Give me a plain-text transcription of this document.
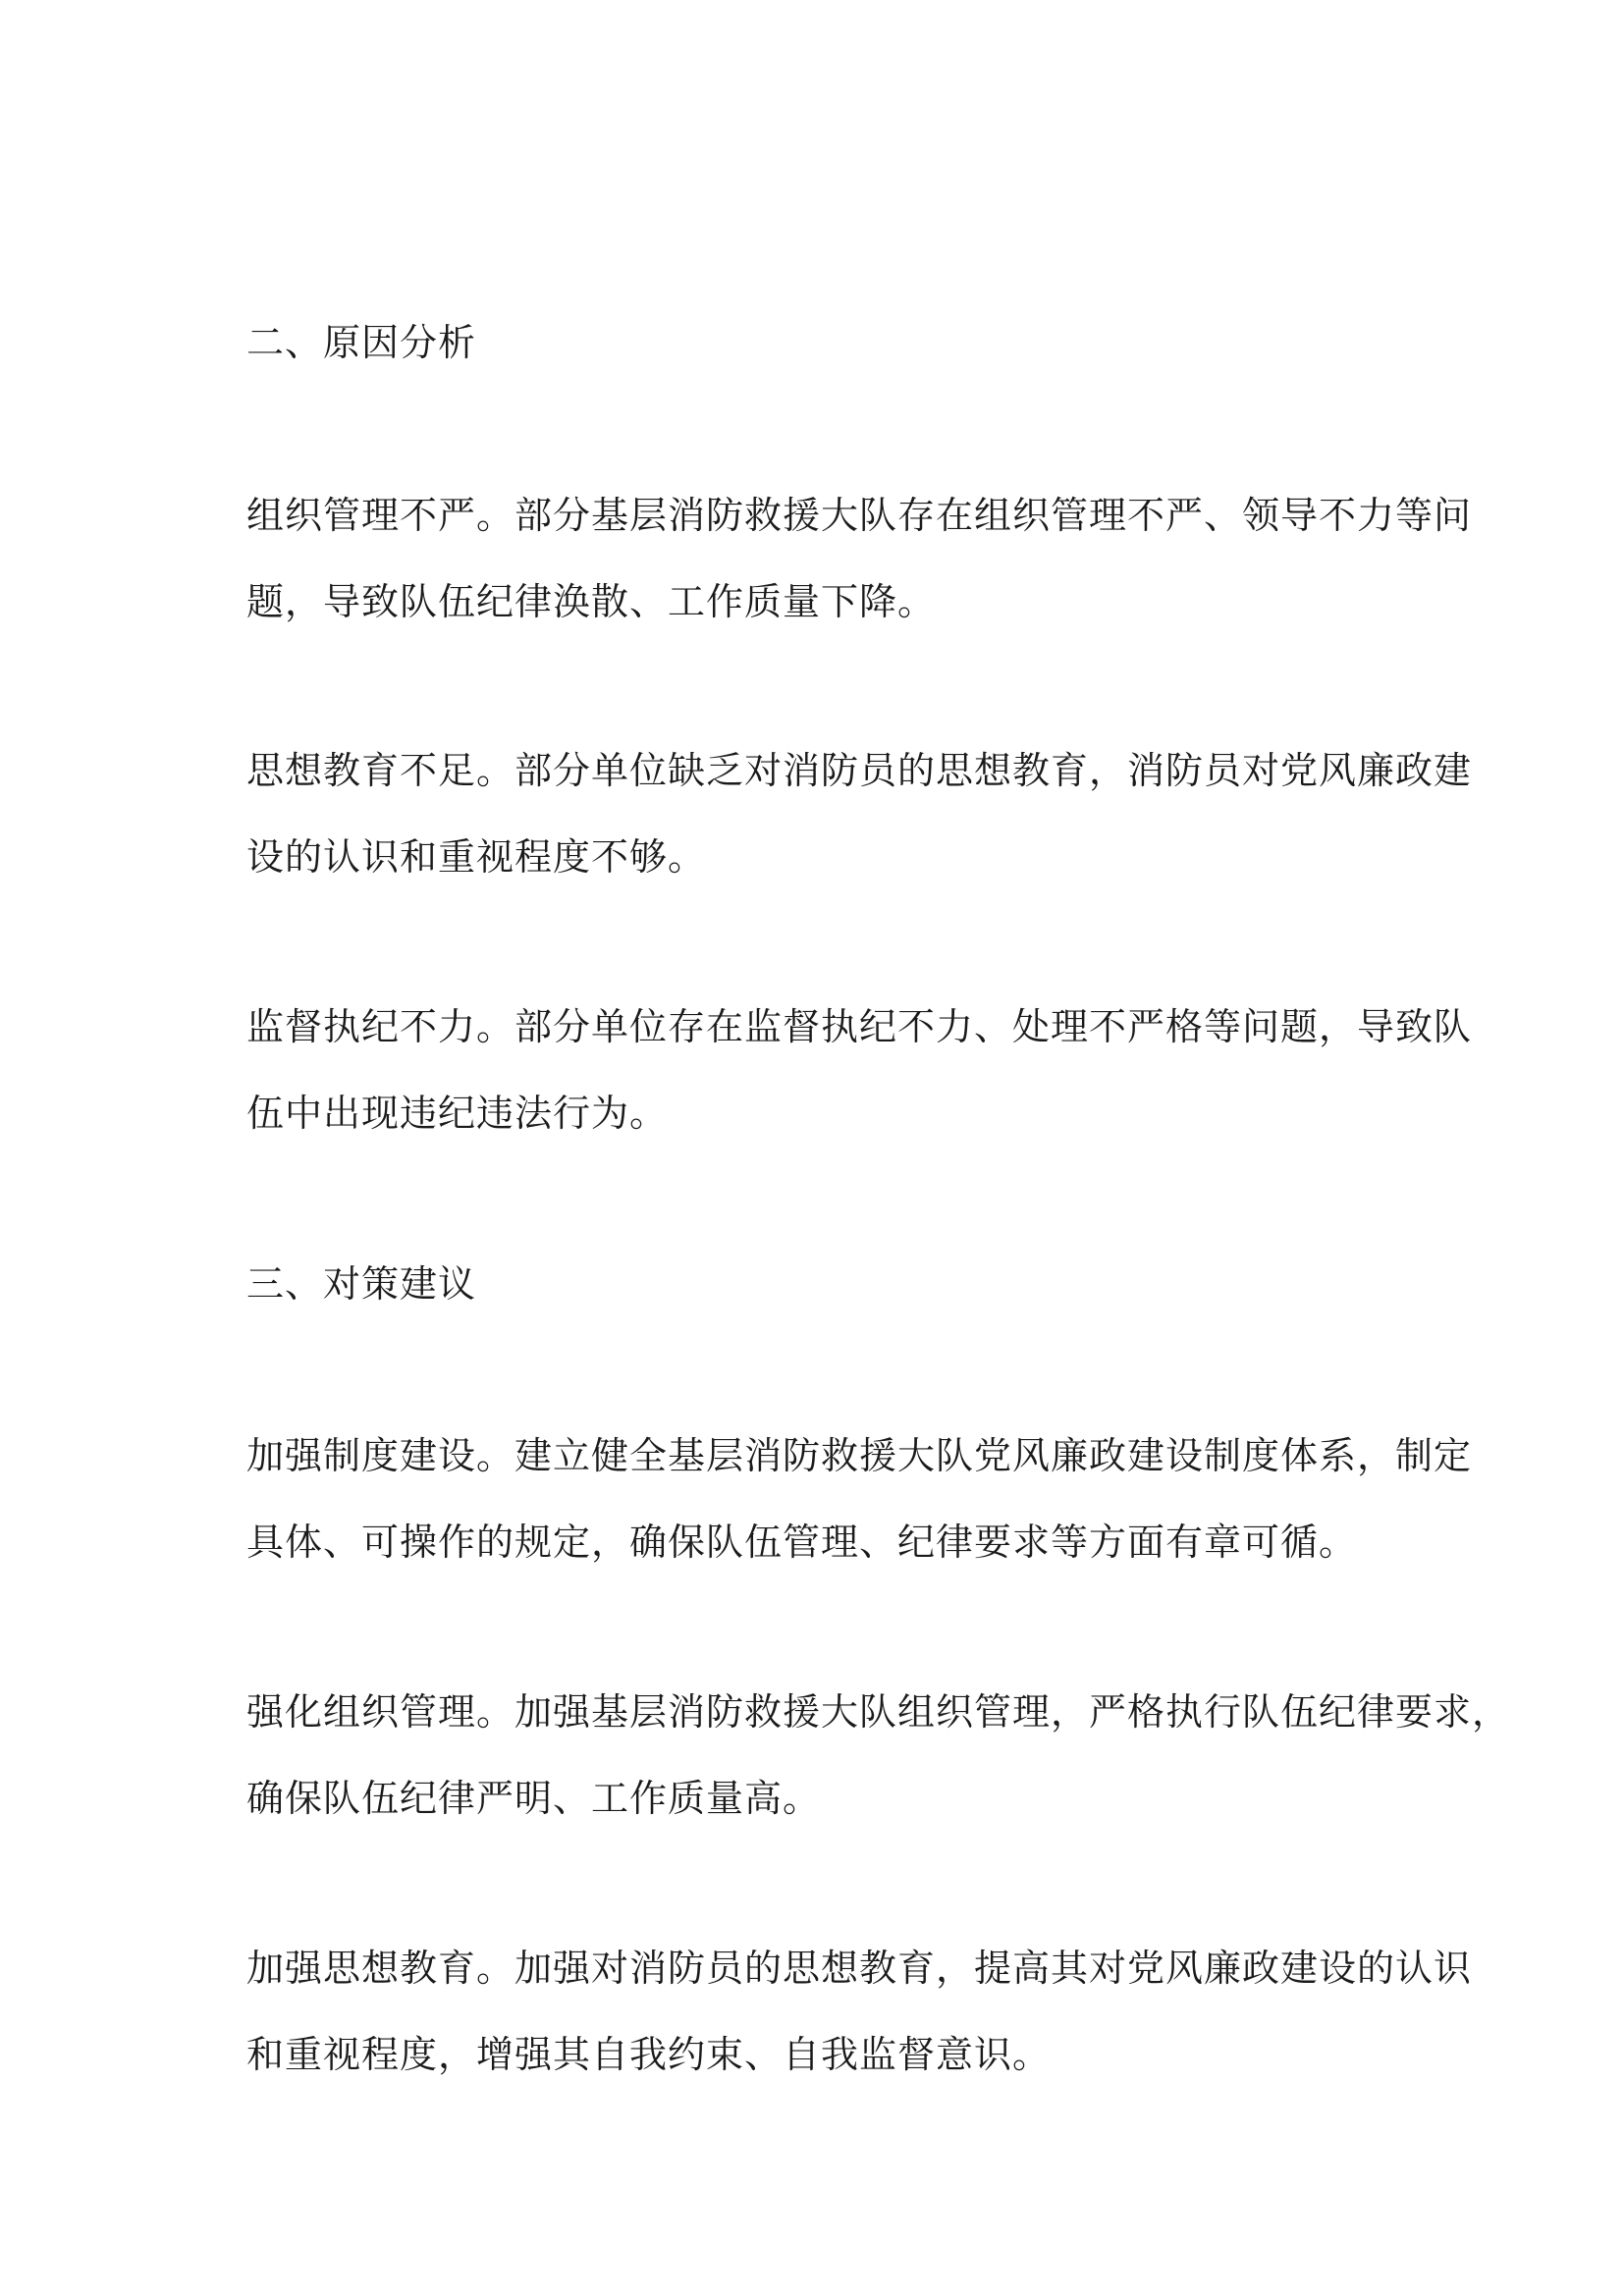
二、原因分析

组织管理不严。部分基层消防救援大队存在组织管理不严、领导不力等问

题，导致队伍纪律涣散、工作质量下降。

思想教育不足。部分单位缺乏对消防员的思想教育，消防员对党风廉政建

设的认识和重视程度不够。

监督执纪不力。部分单位存在监督执纪不力、处理不严格等问题，导致队

伍中出现违纪违法行为。

三、对策建议

加强制度建设。建立健全基层消防救援大队党风廉政建设制度体系，制定

具体、可操作的规定，确保队伍管理、纪律要求等方面有章可循。

强化组织管理。加强基层消防救援大队组织管理，严格执行队伍纪律要求，

确保队伍纪律严明、工作质量高。

加强思想教育。加强对消防员的思想教育，提高其对党风廉政建设的认识

和重视程度，增强其自我约束、自我监督意识。
